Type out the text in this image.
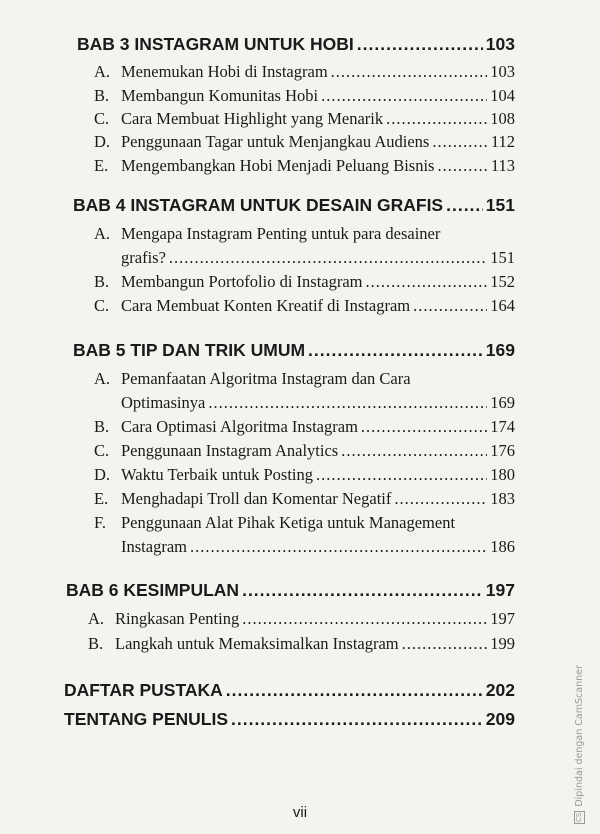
BAB 3 INSTAGRAM UNTUK HOBI .....	103
A. Menemukan Hobi di Instagram .....	103
B. Membangun Komunitas Hobi .....	104
C. Cara Membuat Highlight yang Menarik .....	108
D. Penggunaan Tagar untuk Menjangkau Audiens .....	112
E. Mengembangkan Hobi Menjadi Peluang Bisnis .....	113
BAB 4 INSTAGRAM UNTUK DESAIN GRAFIS ..... 151
A. Mengapa Instagram Penting untuk para desainer
grafis? .....	151
B. Membangun Portofolio di Instagram .....	152
C. Cara Membuat Konten Kreatif di Instagram .....	164
BAB 5 TIP DAN TRIK UMUM .....	169
A. Pemanfaatan Algoritma Instagram dan Cara
Optimasinya .....	169
B. Cara Optimasi Algoritma Instagram .....	174
C. Penggunaan Instagram Analytics .....	176
D. Waktu Terbaik untuk Posting .....	180
E. Menghadapi Troll dan Komentar Negatif .....	183
F. Penggunaan Alat Pihak Ketiga untuk Management
Instagram .....	186
BAB 6 KESIMPULAN .....	197
A. Ringkasan Penting .....	197
B. Langkah untuk Memaksimalkan Instagram .....	199
DAFTAR PUSTAKA .....	202
TENTANG PENULIS .....	209
vii	CS
Dipindai dengan CamScanner
